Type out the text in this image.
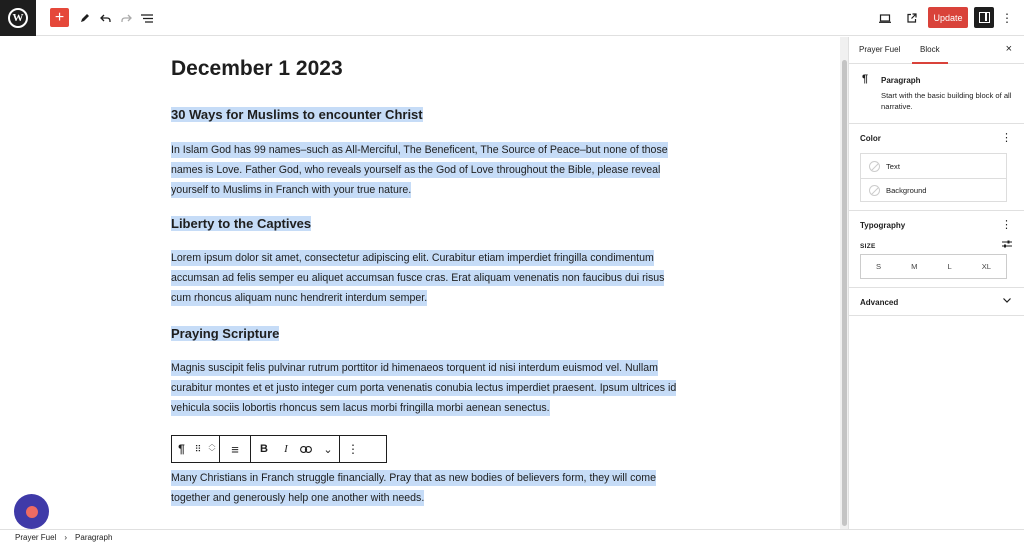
W +	Update	⋮
December 1 2023
30 Ways for Muslims to encounter Christ
In Islam God has 99 names–such as All-Merciful, The Beneficent, The Source of Peace–but none of those names is Love. Father God, who reveals yourself as the God of Love throughout the Bible, please reveal yourself to Muslims in Franch with your true nature.
Liberty to the Captives
Lorem ipsum dolor sit amet, consectetur adipiscing elit. Curabitur etiam imperdiet fringilla condimentum accumsan ad felis semper eu aliquet accumsan fusce cras. Erat aliquam venenatis non faucibus dui risus cum rhoncus aliquam nunc hendrerit interdum semper.
Praying Scripture
Magnis suscipit felis pulvinar rutrum porttitor id himenaeos torquent id nisi interdum euismod vel. Nullam curabitur montes et et justo integer cum porta venenatis conubia lectus imperdiet praesent. Ipsum ultrices id vehicula sociis lobortis rhoncus sem lacus morbi fringilla morbi aenean senectus.
¶	⠿	︿
﹀	≡	B	I	⌄	⋮
Many Christians in Franch struggle financially. Pray that as new bodies of believers form, they will come together and generously help one another with needs.
Prayer Fuel Block	×
¶ Paragraph
Start with the basic building block of all narrative.
Color	⋮
Text
Background
Typography	⋮
SIZE
S	M	L	XL
Advanced
Prayer Fuel › Paragraph
